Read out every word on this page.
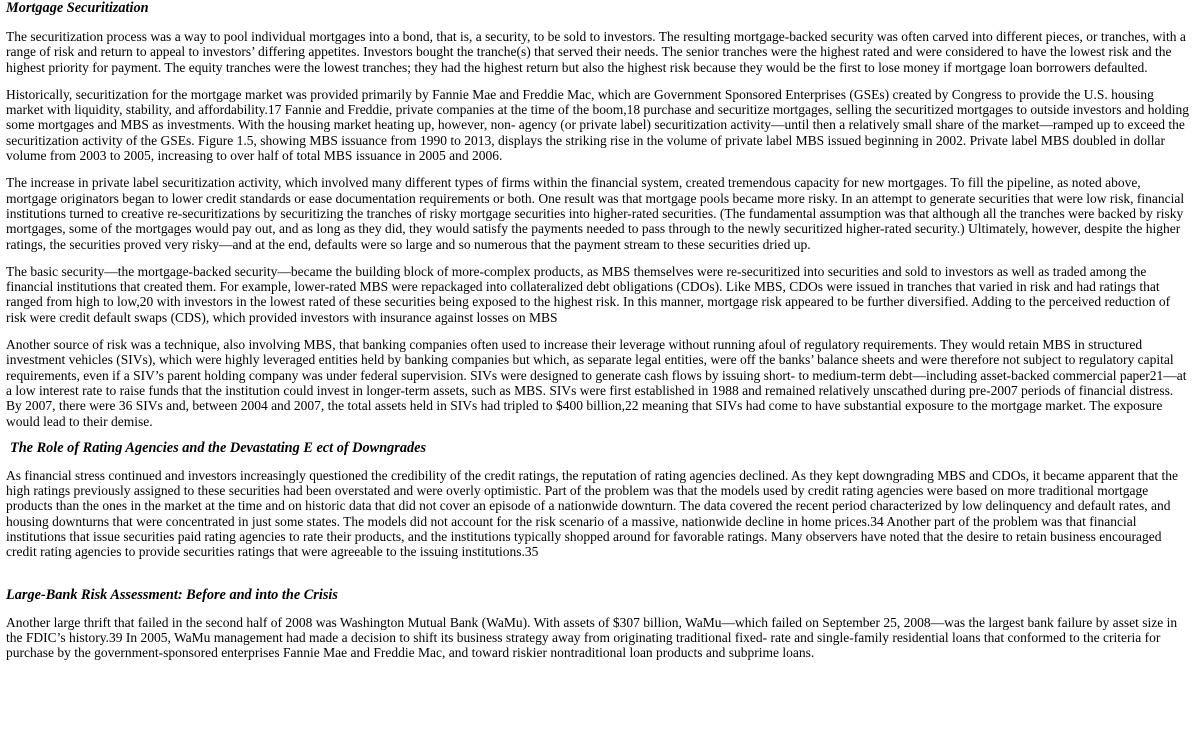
Mortgage Securitization

The securitization process was a way to pool individual mortgages into a bond, that is, a security, to be sold to investors. The resulting mortgage-backed security was often carved into different pieces, or tranches, with a range of risk and return to appeal to investors’ differing appetites. Investors bought the tranche(s) that served their needs. The senior tranches were the highest rated and were considered to have the lowest risk and the highest priority for payment. The equity tranches were the lowest tranches; they had the highest return but also the highest risk because they would be the first to lose money if mortgage loan borrowers defaulted.

Historically, securitization for the mortgage market was provided primarily by Fannie Mae and Freddie Mac, which are Government Sponsored Enterprises (GSEs) created by Congress to provide the U.S. housing market with liquidity, stability, and affordability.17 Fannie and Freddie, private companies at the time of the boom,18 purchase and securitize mortgages, selling the securitized mortgages to outside investors and holding some mortgages and MBS as investments. With the housing market heating up, however, non- agency (or private label) securitization activity—until then a relatively small share of the market—ramped up to exceed the securitization activity of the GSEs. Figure 1.5, showing MBS issuance from 1990 to 2013, displays the striking rise in the volume of private label MBS issued beginning in 2002. Private label MBS doubled in dollar volume from 2003 to 2005, increasing to over half of total MBS issuance in 2005 and 2006.

The increase in private label securitization activity, which involved many different types of firms within the financial system, created tremendous capacity for new mortgages. To fill the pipeline, as noted above, mortgage originators began to lower credit standards or ease documentation requirements or both. One result was that mortgage pools became more risky. In an attempt to generate securities that were low risk, financial institutions turned to creative re-securitizations by securitizing the tranches of risky mortgage securities into higher-rated securities. (The fundamental assumption was that although all the tranches were backed by risky mortgages, some of the mortgages would pay out, and as long as they did, they would satisfy the payments needed to pass through to the newly securitized higher-rated security.) Ultimately, however, despite the higher ratings, the securities proved very risky—and at the end, defaults were so large and so numerous that the payment stream to these securities dried up.

The basic security—the mortgage-backed security—became the building block of more-complex products, as MBS themselves were re-securitized into securities and sold to investors as well as traded among the financial institutions that created them. For example, lower-rated MBS were repackaged into collateralized debt obligations (CDOs). Like MBS, CDOs were issued in tranches that varied in risk and had ratings that ranged from high to low,20 with investors in the lowest rated of these securities being exposed to the highest risk. In this manner, mortgage risk appeared to be further diversified. Adding to the perceived reduction of risk were credit default swaps (CDS), which provided investors with insurance against losses on MBS

Another source of risk was a technique, also involving MBS, that banking companies often used to increase their leverage without running afoul of regulatory requirements. They would retain MBS in structured investment vehicles (SIVs), which were highly leveraged entities held by banking companies but which, as separate legal entities, were off the banks’ balance sheets and were therefore not subject to regulatory capital requirements, even if a SIV’s parent holding company was under federal supervision. SIVs were designed to generate cash flows by issuing short- to medium-term debt—including asset-backed commercial paper21—at a low interest rate to raise funds that the institution could invest in longer-term assets, such as MBS. SIVs were first established in 1988 and remained relatively unscathed during pre-2007 periods of financial distress. By 2007, there were 36 SIVs and, between 2004 and 2007, the total assets held in SIVs had tripled to $400 billion,22 meaning that SIVs had come to have substantial exposure to the mortgage market. The exposure would lead to their demise.

The Role of Rating Agencies and the Devastating E ect of Downgrades

As financial stress continued and investors increasingly questioned the credibility of the credit ratings, the reputation of rating agencies declined. As they kept downgrading MBS and CDOs, it became apparent that the high ratings previously assigned to these securities had been overstated and were overly optimistic. Part of the problem was that the models used by credit rating agencies were based on more traditional mortgage products than the ones in the market at the time and on historic data that did not cover an episode of a nationwide downturn. The data covered the recent period characterized by low delinquency and default rates, and housing downturns that were concentrated in just some states. The models did not account for the risk scenario of a massive, nationwide decline in home prices.34 Another part of the problem was that financial institutions that issue securities paid rating agencies to rate their products, and the institutions typically shopped around for favorable ratings. Many observers have noted that the desire to retain business encouraged credit rating agencies to provide securities ratings that were agreeable to the issuing institutions.35

Large-Bank Risk Assessment: Before and into the Crisis

Another large thrift that failed in the second half of 2008 was Washington Mutual Bank (WaMu). With assets of $307 billion, WaMu—which failed on September 25, 2008—was the largest bank failure by asset size in the FDIC’s history.39 In 2005, WaMu management had made a decision to shift its business strategy away from originating traditional fixed- rate and single-family residential loans that conformed to the criteria for purchase by the government-sponsored enterprises Fannie Mae and Freddie Mac, and toward riskier nontraditional loan products and subprime loans.
